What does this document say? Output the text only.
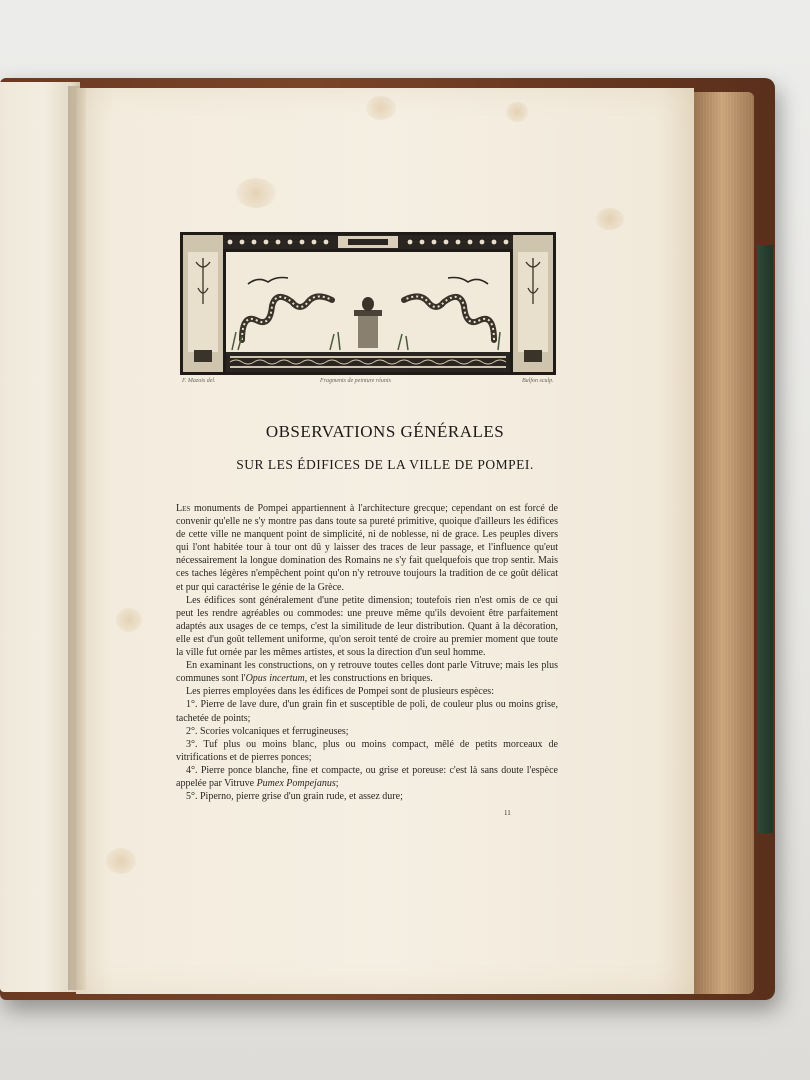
F. Mazois del.	Fragments de peinture réunis	Bulfon sculp.
OBSERVATIONS GÉNÉRALES
SUR LES ÉDIFICES DE LA VILLE DE POMPEI.

Les monuments de Pompei appartiennent à l'architecture grecque; cependant on est forcé de convenir qu'elle ne s'y montre pas dans toute sa pureté primitive, quoique d'ailleurs les édifices de cette ville ne manquent point de simplicité, ni de noblesse, ni de grace. Les peuples divers qui l'ont habitée tour à tour ont dû y laisser des traces de leur passage, et l'influence qu'eut nécessairement la longue domination des Romains ne s'y fait quelquefois que trop sentir. Mais ces taches légères n'empêchent point qu'on n'y retrouve toujours la tradition de ce goût délicat et pur qui caractérise le génie de la Grèce.

Les édifices sont généralement d'une petite dimension; toutefois rien n'est omis de ce qui peut les rendre agréables ou commodes: une preuve même qu'ils devoient être parfaitement adaptés aux usages de ce temps, c'est la similitude de leur distribution. Quant à la décoration, elle est d'un goût tellement uniforme, qu'on seroit tenté de croire au premier moment que toute la ville fut ornée par les mêmes artistes, et sous la direction d'un seul homme.

En examinant les constructions, on y retrouve toutes celles dont parle Vitruve; mais les plus communes sont l'Opus incertum, et les constructions en briques.

Les pierres employées dans les édifices de Pompei sont de plusieurs espèces:

1°. Pierre de lave dure, d'un grain fin et susceptible de poli, de couleur plus ou moins grise, tachetée de points;

2°. Scories volcaniques et ferrugineuses;

3°. Tuf plus ou moins blanc, plus ou moins compact, mêlé de petits morceaux de vitrifications et de pierres ponces;

4°. Pierre ponce blanche, fine et compacte, ou grise et poreuse: c'est là sans doute l'espèce appelée par Vitruve Pumex Pompejanus;

5°. Piperno, pierre grise d'un grain rude, et assez dure;

11
